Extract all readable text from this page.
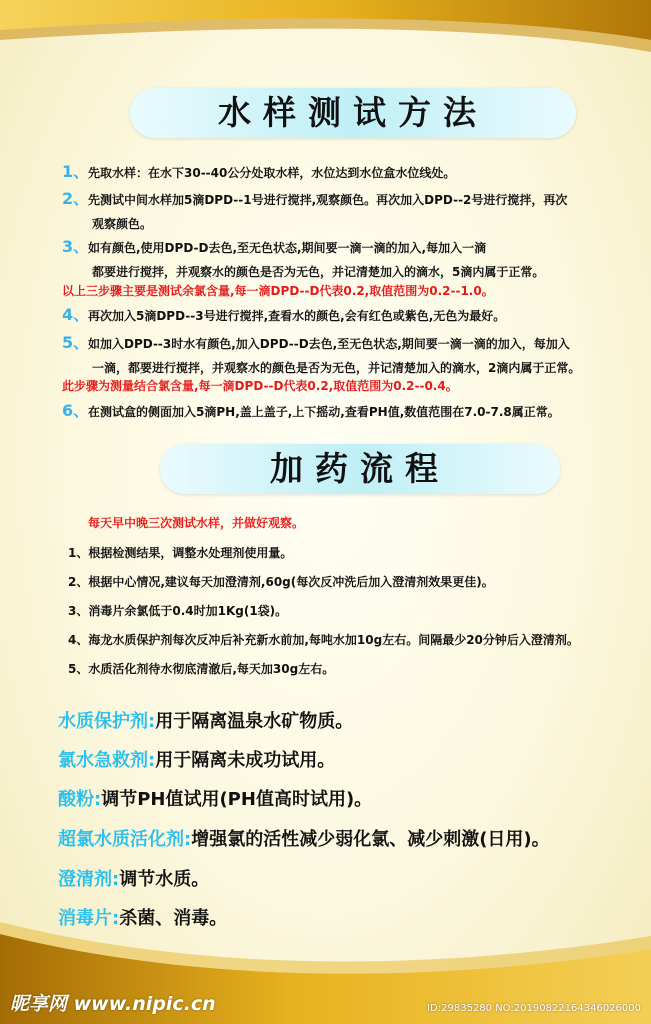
水样测试方法
1、先取水样：在水下30--40公分处取水样，水位达到水位盒水位线处。
2、先测试中间水样加5滴DPD--1号进行搅拌,观察颜色。再次加入DPD--2号进行搅拌，再次
观察颜色。
3、如有颜色,使用DPD-D去色,至无色状态,期间要一滴一滴的加入,每加入一滴
都要进行搅拌，并观察水的颜色是否为无色，并记清楚加入的滴水，5滴内属于正常。
以上三步骤主要是测试余氯含量,每一滴DPD--D代表0.2,取值范围为0.2--1.0。
4、再次加入5滴DPD--3号进行搅拌,查看水的颜色,会有红色或紫色,无色为最好。
5、如加入DPD--3时水有颜色,加入DPD--D去色,至无色状态,期间要一滴一滴的加入，每加入
一滴，都要进行搅拌，并观察水的颜色是否为无色，并记清楚加入的滴水，2滴内属于正常。
此步骤为测量结合氯含量,每一滴DPD--D代表0.2,取值范围为0.2--0.4。
6、在测试盒的侧面加入5滴PH,盖上盖子,上下摇动,查看PH值,数值范围在7.0-7.8属正常。
加药流程
每天早中晚三次测试水样，并做好观察。
1、根据检测结果，调整水处理剂使用量。
2、根据中心情况,建议每天加澄清剂,60g(每次反冲洗后加入澄清剂效果更佳)。
3、消毒片余氯低于0.4时加1Kg(1袋)。
4、海龙水质保护剂每次反冲后补充新水前加,每吨水加10g左右。间隔最少20分钟后入澄清剂。
5、水质活化剂待水彻底清澈后,每天加30g左右。
水质保护剂:用于隔离温泉水矿物质。
氯水急救剂:用于隔离未成功试用。
酸粉:调节PH值试用(PH值高时试用)。
超氯水质活化剂:增强氯的活性减少弱化氯、减少刺激(日用)。
澄清剂:调节水质。
消毒片:杀菌、消毒。
昵享网 www.nipic.cn	ID:29835280 NO:20190822164346026000
